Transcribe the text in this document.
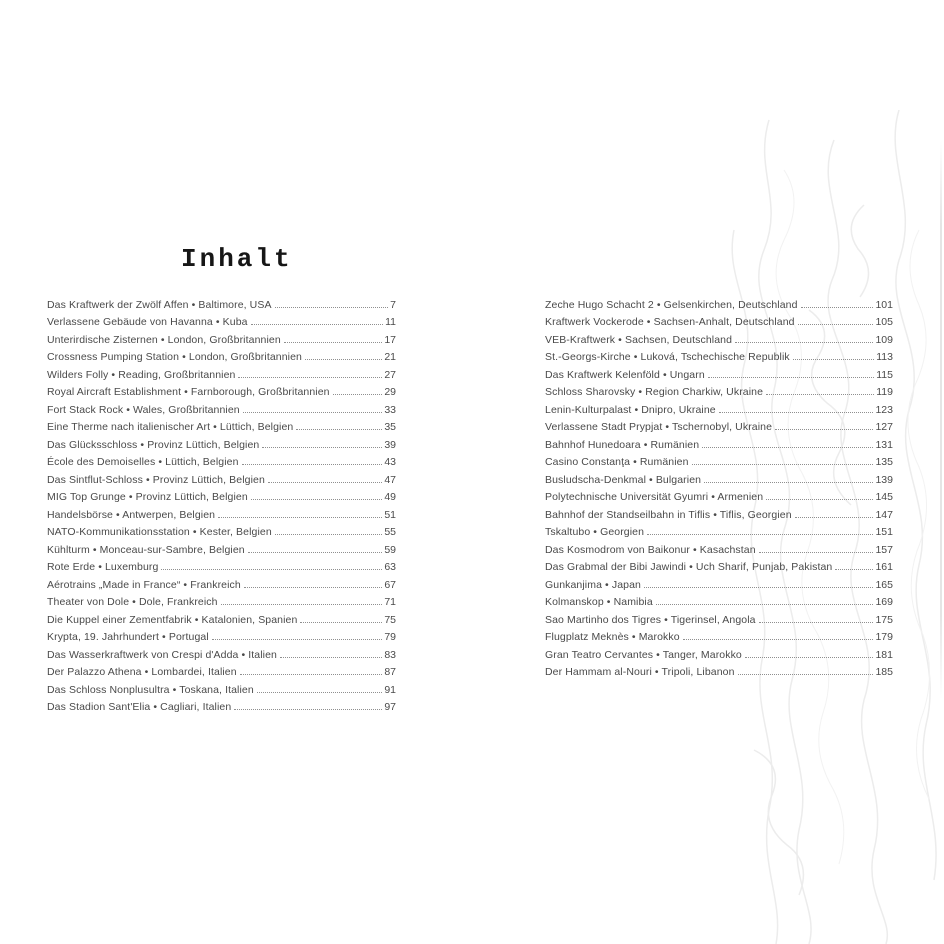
Inhalt
Das Kraftwerk der Zwölf Affen • Baltimore, USA	7
Verlassene Gebäude von Havanna • Kuba	11
Unterirdische Zisternen • London, Großbritannien	17
Crossness Pumping Station • London, Großbritannien	21
Wilders Folly • Reading, Großbritannien	27
Royal Aircraft Establishment • Farnborough, Großbritannien	29
Fort Stack Rock • Wales, Großbritannien	33
Eine Therme nach italienischer Art • Lüttich, Belgien	35
Das Glücksschloss • Provinz Lüttich, Belgien	39
École des Demoiselles • Lüttich, Belgien	43
Das Sintflut-Schloss • Provinz Lüttich, Belgien	47
MIG Top Grunge • Provinz Lüttich, Belgien	49
Handelsbörse • Antwerpen, Belgien	51
NATO-Kommunikationsstation • Kester, Belgien	55
Kühlturm • Monceau-sur-Sambre, Belgien	59
Rote Erde • Luxemburg	63
Aérotrains „Made in France“ • Frankreich	67
Theater von Dole • Dole, Frankreich	71
Die Kuppel einer Zementfabrik • Katalonien, Spanien	75
Krypta, 19. Jahrhundert • Portugal	79
Das Wasserkraftwerk von Crespi d'Adda • Italien	83
Der Palazzo Athena • Lombardei, Italien	87
Das Schloss Nonplusultra • Toskana, Italien	91
Das Stadion Sant'Elia • Cagliari, Italien	97
Zeche Hugo Schacht 2 • Gelsenkirchen, Deutschland	101
Kraftwerk Vockerode • Sachsen-Anhalt, Deutschland	105
VEB-Kraftwerk • Sachsen, Deutschland	109
St.-Georgs-Kirche • Luková, Tschechische Republik	113
Das Kraftwerk Kelenföld • Ungarn	115
Schloss Sharovsky • Region Charkiw, Ukraine	119
Lenin-Kulturpalast • Dnipro, Ukraine	123
Verlassene Stadt Prypjat • Tschernobyl, Ukraine	127
Bahnhof Hunedoara • Rumänien	131
Casino Constanţa • Rumänien	135
Busludscha-Denkmal • Bulgarien	139
Polytechnische Universität Gyumri • Armenien	145
Bahnhof der Standseilbahn in Tiflis • Tiflis, Georgien	147
Tskaltubo • Georgien	151
Das Kosmodrom von Baikonur • Kasachstan	157
Das Grabmal der Bibi Jawindi • Uch Sharif, Punjab, Pakistan	161
Gunkanjima • Japan	165
Kolmanskop • Namibia	169
Sao Martinho dos Tigres • Tigerinsel, Angola	175
Flugplatz Meknès • Marokko	179
Gran Teatro Cervantes • Tanger, Marokko	181
Der Hammam al-Nouri • Tripoli, Libanon	185
